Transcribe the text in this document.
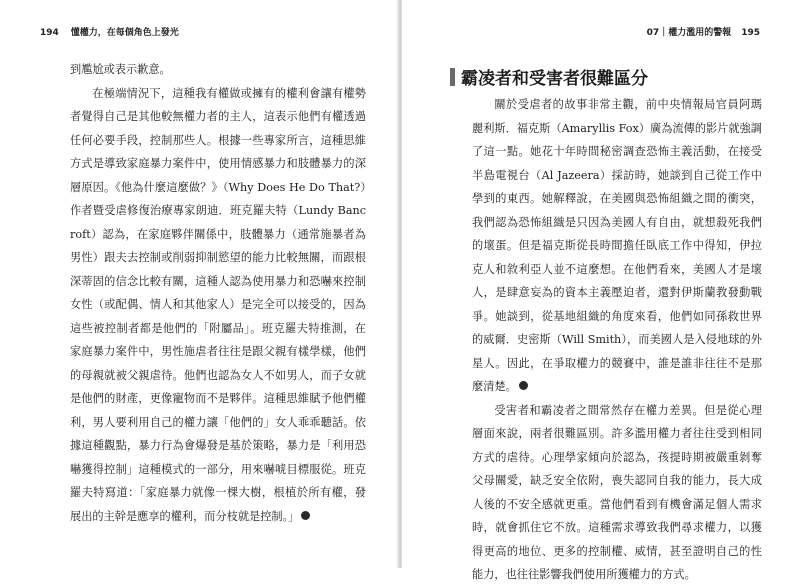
194 懂權力，在每個角色上發光

到尷尬或表示歉意。

在極端情況下，這種我有權做或擁有的權利會讓有權勢者覺得自己是其他較無權力者的主人，這表示他們有權透過任何必要手段，控制那些人。根據一些專家所言，這種思維方式是導致家庭暴力案件中，使用情感暴力和肢體暴力的深層原因。《他為什麼這麼做？》（Why Does He Do That?）作者暨受虐修復治療專家朗迪．班克羅夫特（Lundy Bancroft）認為，在家庭夥伴關係中，肢體暴力（通常施暴者為男性）跟夫去控制或削弱抑制慾望的能力比較無關，而跟根深蒂固的信念比較有關，這種人認為使用暴力和恐嚇來控制女性（或配偶、情人和其他家人）是完全可以接受的，因為這些被控制者都是他們的「附屬品」。班克羅夫特推測，在家庭暴力案件中，男性施虐者往往是跟父親有樣學樣，他們的母親就被父親虐待。他們也認為女人不如男人，而子女就是他們的財產，更像寵物而不是夥伴。這種思維賦予他們權利，男人要利用自己的權力讓「他們的」女人乖乖聽話。依據這種觀點，暴力行為會爆發是基於策略，暴力是「利用恐嚇獲得控制」這種模式的一部分，用來嚇唬目標服從。班克羅夫特寫道：「家庭暴力就像一棵大樹，根植於所有權，發展出的主幹是應享的權利，而分枝就是控制。」	8

07｜權力濫用的警報 195
霸凌者和受害者很難區分

關於受虐者的故事非常主觀，前中央情報局官員阿瑪麗利斯．福克斯（Amaryllis Fox）廣為流傳的影片就強調了這一點。她花十年時間秘密調查恐怖主義活動，在接受半島電視台（Al Jazeera）採訪時，她談到自己從工作中學到的東西。她解釋說，在美國與恐怖組織之間的衝突，我們認為恐怖組織是只因為美國人有自由，就想殺死我們的壞蛋。但是福克斯從長時間擔任臥底工作中得知，伊拉克人和敘利亞人並不這麼想。在他們看來，美國人才是壞人，是肆意妄為的資本主義壓迫者，還對伊斯蘭教發動戰爭。她談到，從基地組織的角度來看，他們如同孫救世界的威爾．史密斯（Will Smith），而美國人是入侵地球的外星人。因此，在爭取權力的競賽中，誰是誰非往往不是那麼清楚。	9

受害者和霸凌者之間常然存在權力差異。但是從心理層面來說，兩者很難區別。許多濫用權力者往往受到相同方式的虐待。心理學家傾向於認為，孩提時期被嚴重剝奪父母關愛，缺乏安全依附，喪失認同自我的能力，長大成人後的不安全感就更重。當他們看到有機會滿足個人需求時，就會抓住它不放。這種需求導致我們尋求權力，以獲得更高的地位、更多的控制權、威情，甚至證明自己的性能力，也往往影響我們使用所獲權力的方式。
